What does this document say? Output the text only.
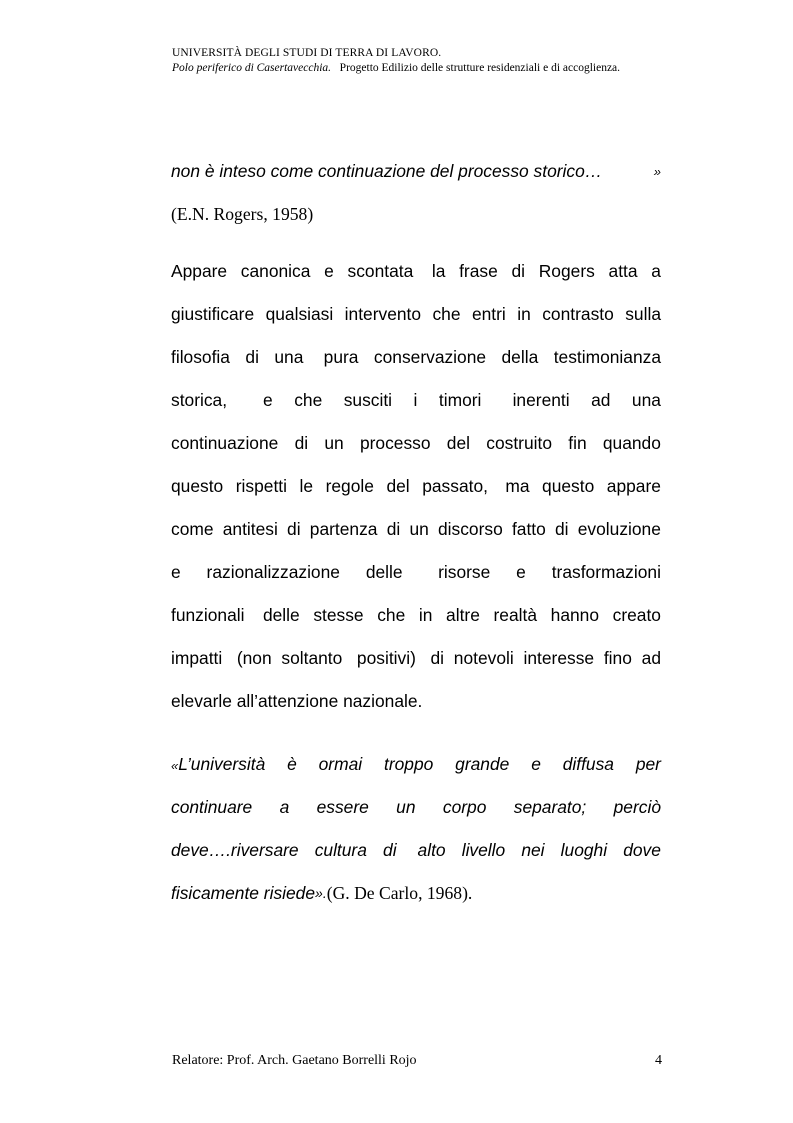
UNIVERSITÀ DEGLI STUDI DI TERRA DI LAVORO.
Polo periferico di Casertavecchia. Progetto Edilizio delle strutture residenziali e di accoglienza.
non è inteso come continuazione del processo storico…	»
(E.N. Rogers, 1958)
Appare canonica e scontata la frase di Rogers atta a
giustificare qualsiasi intervento che entri in contrasto sulla
filosofia di una pura conservazione della testimonianza
storica, e che susciti i timori inerenti ad una
continuazione di un processo del costruito fin quando
questo rispetti le regole del passato, ma questo appare
come antitesi di partenza di un discorso fatto di evoluzione
e razionalizzazione delle risorse e trasformazioni
funzionali delle stesse che in altre realtà hanno creato
impatti (non soltanto positivi) di notevoli interesse fino ad
elevarle all’attenzione nazionale.
«L’università è ormai troppo grande e diffusa per
continuare a essere un corpo separato; perciò
deve….riversare cultura di alto livello nei luoghi dove
fisicamente risiede ». (G. De Carlo, 1968).
Relatore: Prof. Arch. Gaetano Borrelli Rojo	4
